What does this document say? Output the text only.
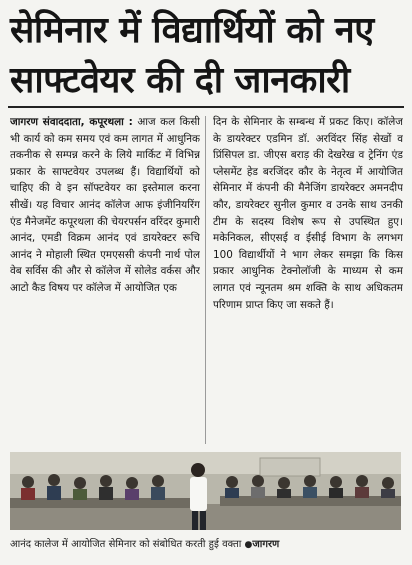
सेमिनार में विद्यार्थियों को नए
साफ्टवेयर की दी जानकारी

जागरण संवाददाता, कपूरथला : आज कल किसी भी कार्य को कम समय एवं कम लागत में आधुनिक तकनीक से सम्पन्न करने के लिये मार्किट में विभिन्न प्रकार के साफ्टवेयर उपलब्ध हैं। विद्यार्थियों को चाहिए की वे इन सॉफ्टवेयर का इस्तेमाल करना सीखें। यह विचार आनंद कॉलेज आफ इंजीनियरिंग एंड मैनेजमेंट कपूरथला की चेयरपर्सन वरिंदर कुमारी आनंद, एमडी विक्रम आनंद एवं डायरेक्टर रूचि आनंद ने मोहाली स्थित एमएससी कंपनी नार्थ पोल वेब सर्विस की और से कॉलेज में सोलेड वर्कस और आटो कैड विषय पर कॉलेज में आयोजित एक

दिन के सेमिनार के सम्बन्ध में प्रकट किए। कॉलेज के डायरेक्टर एडमिन डॉ. अरविंदर सिंह सेखों व प्रिंसिपल डा. जीएस बराड़ की देखरेख व ट्रेनिंग एंड प्लेसमेंट हेड बरजिंदर कौर के नेतृत्व में आयोजित सेमिनार में कंपनी की मैनेजिंग डायरेक्टर अमनदीप कौर, डायरेक्टर सुनील कुमार व उनके साथ उनकी टीम के सदस्य विशेष रूप से उपस्थित हुए। मकेनिकल, सीएसई व ईसीई विभाग के लगभग 100 विद्यार्थीयों ने भाग लेकर समझा कि किस प्रकार आधुनिक टेक्नोलॉजी के माध्यम से कम लागत एवं न्यूनतम श्रम शक्ति के साथ अधिकतम परिणाम प्राप्त किए जा सकते हैं।

आनंद कालेज में आयोजित सेमिनार को संबोधित करती हुई वक्ता ●जागरण
